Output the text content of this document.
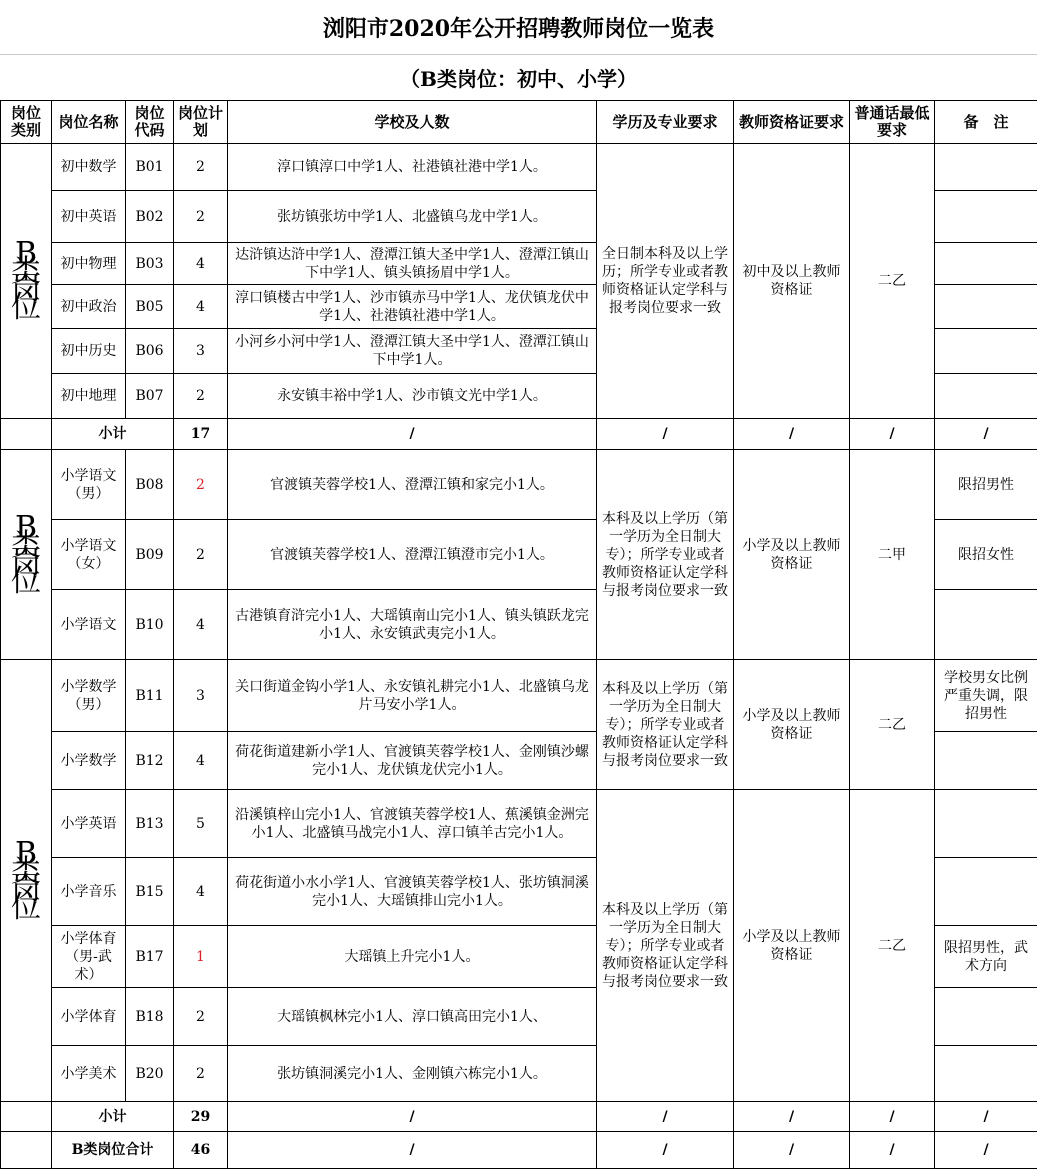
浏阳市2020年公开招聘教师岗位一览表
（B类岗位：初中、小学）
岗位类别	岗位名称	岗位代码	岗位计划	学校及人数	学历及专业要求	教师资格证要求	普通话最低要求	备　注
B类岗位	初中数学	B01	2	淳口镇淳口中学1人、社港镇社港中学1人。	全日制本科及以上学历；所学专业或者教师资格证认定学科与报考岗位要求一致	初中及以上教师资格证	二乙	
	初中英语	B02	2	张坊镇张坊中学1人、北盛镇乌龙中学1人。				
	初中物理	B03	4	达浒镇达浒中学1人、澄潭江镇大圣中学1人、澄潭江镇山下中学1人、镇头镇扬眉中学1人。				
	初中政治	B05	4	淳口镇楼古中学1人、沙市镇赤马中学1人、龙伏镇龙伏中学1人、社港镇社港中学1人。				
	初中历史	B06	3	小河乡小河中学1人、澄潭江镇大圣中学1人、澄潭江镇山下中学1人。				
	初中地理	B07	2	永安镇丰裕中学1人、沙市镇文光中学1人。				
	小计		17	/	/	/	/	/
B类岗位	小学语文（男）	B08	2	官渡镇芙蓉学校1人、澄潭江镇和家完小1人。	本科及以上学历（第一学历为全日制大专）；所学专业或者教师资格证认定学科与报考岗位要求一致	小学及以上教师资格证	二甲	限招男性
	小学语文（女）	B09	2	官渡镇芙蓉学校1人、澄潭江镇澄市完小1人。				限招女性
	小学语文	B10	4	古港镇育浒完小1人、大瑶镇南山完小1人、镇头镇跃龙完小1人、永安镇武夷完小1人。				
B类岗位	小学数学（男）	B11	3	关口街道金钩小学1人、永安镇礼耕完小1人、北盛镇乌龙片马安小学1人。	本科及以上学历（第一学历为全日制大专）；所学专业或者教师资格证认定学科与报考岗位要求一致	小学及以上教师资格证	二乙	学校男女比例严重失调，限招男性
	小学数学	B12	4	荷花街道建新小学1人、官渡镇芙蓉学校1人、金刚镇沙螺完小1人、龙伏镇龙伏完小1人。				
	小学英语	B13	5	沿溪镇梓山完小1人、官渡镇芙蓉学校1人、蕉溪镇金洲完小1人、北盛镇马战完小1人、淳口镇羊古完小1人。	本科及以上学历（第一学历为全日制大专）；所学专业或者教师资格证认定学科与报考岗位要求一致	小学及以上教师资格证	二乙	
	小学音乐	B15	4	荷花街道小水小学1人、官渡镇芙蓉学校1人、张坊镇洞溪完小1人、大瑶镇排山完小1人。				
	小学体育（男-武术）	B17	1	大瑶镇上升完小1人。				限招男性，武术方向
	小学体育	B18	2	大瑶镇枫林完小1人、淳口镇高田完小1人、				
	小学美术	B20	2	张坊镇洞溪完小1人、金刚镇六栋完小1人。				
	小计		29	/	/	/	/	/
	B类岗位合计		46	/	/	/	/	/
